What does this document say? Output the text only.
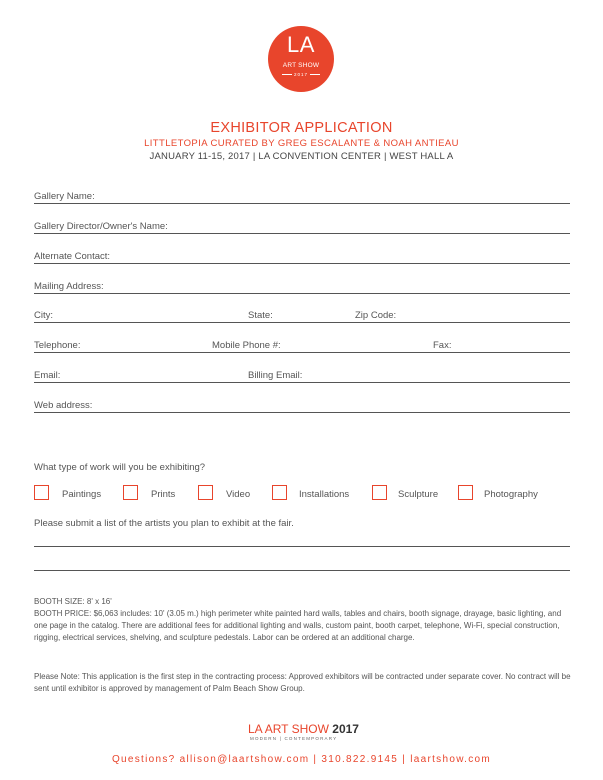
LA
ART SHOW
2017
EXHIBITOR APPLICATION
LITTLETOPIA CURATED BY GREG ESCALANTE & NOAH ANTIEAU
JANUARY 11-15, 2017 | LA CONVENTION CENTER | WEST HALL A
Gallery Name:
Gallery Director/Owner's Name:
Alternate Contact:
Mailing Address:
City:	State:	Zip Code:
Telephone:	Mobile Phone #:	Fax:
Email:	Billing Email:
Web address:
What type of work will you be exhibiting?
Paintings	Prints	Video	Installations	Sculpture	Photography
Please submit a list of the artists you plan to exhibit at the fair.
BOOTH SIZE: 8' x 16'
BOOTH PRICE: $6,063 includes: 10' (3.05 m.) high perimeter white painted hard walls, tables and chairs, booth signage, drayage, basic lighting, and one page in the catalog. There are additional fees for additional lighting and walls, custom paint, booth carpet, telephone, Wi-Fi, special construction, rigging, electrical services, shelving, and sculpture pedestals. Labor can be ordered at an additional charge.
Please Note: This application is the first step in the contracting process: Approved exhibitors will be contracted under separate cover. No contract will be sent until exhibitor is approved by management of Palm Beach Show Group.
LA ART SHOW 2017
MODERN | CONTEMPORARY
Questions? allison@laartshow.com | 310.822.9145 | laartshow.com
